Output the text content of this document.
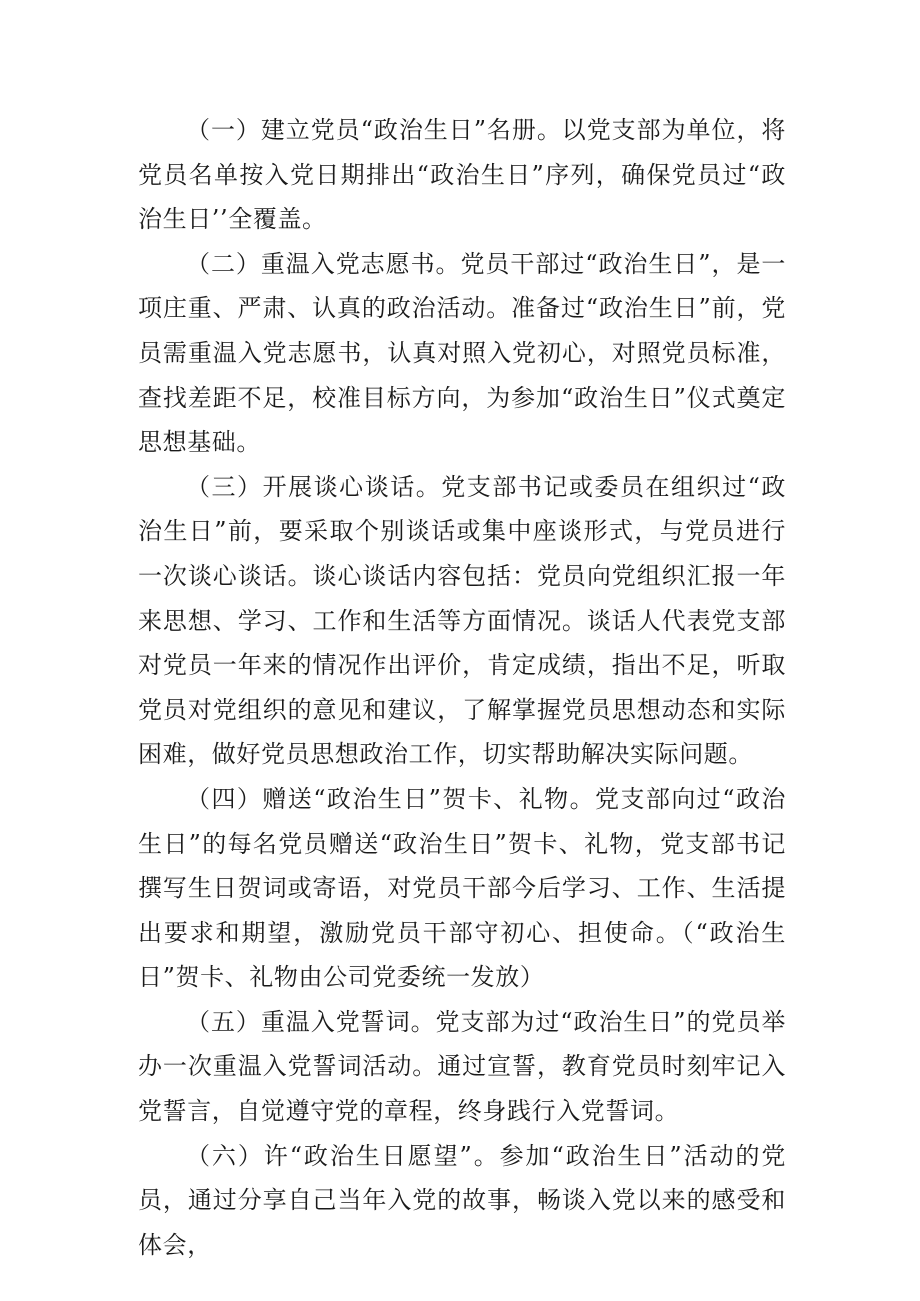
（一）建立党员“政治生日”名册。以党支部为单位，将党员名单按入党日期排出“政治生日”序列，确保党员过“政治生日’’全覆盖。

（二）重温入党志愿书。党员干部过“政治生日”，是一项庄重、严肃、认真的政治活动。准备过“政治生日”前，党员需重温入党志愿书，认真对照入党初心，对照党员标准，查找差距不足，校准目标方向，为参加“政治生日”仪式奠定思想基础。

（三）开展谈心谈话。党支部书记或委员在组织过“政治生日”前，要采取个别谈话或集中座谈形式，与党员进行一次谈心谈话。谈心谈话内容包括：党员向党组织汇报一年来思想、学习、工作和生活等方面情况。谈话人代表党支部对党员一年来的情况作出评价，肯定成绩，指出不足，听取党员对党组织的意见和建议，了解掌握党员思想动态和实际困难，做好党员思想政治工作，切实帮助解决实际问题。

（四）赠送“政治生日”贺卡、礼物。党支部向过“政治生日”的每名党员赠送“政治生日”贺卡、礼物，党支部书记撰写生日贺词或寄语，对党员干部今后学习、工作、生活提出要求和期望，激励党员干部守初心、担使命。（“政治生日”贺卡、礼物由公司党委统一发放）

（五）重温入党誓词。党支部为过“政治生日”的党员举办一次重温入党誓词活动。通过宣誓，教育党员时刻牢记入党誓言，自觉遵守党的章程，终身践行入党誓词。

（六）许“政治生日愿望”。参加“政治生日”活动的党员，通过分享自己当年入党的故事，畅谈入党以来的感受和体会，
